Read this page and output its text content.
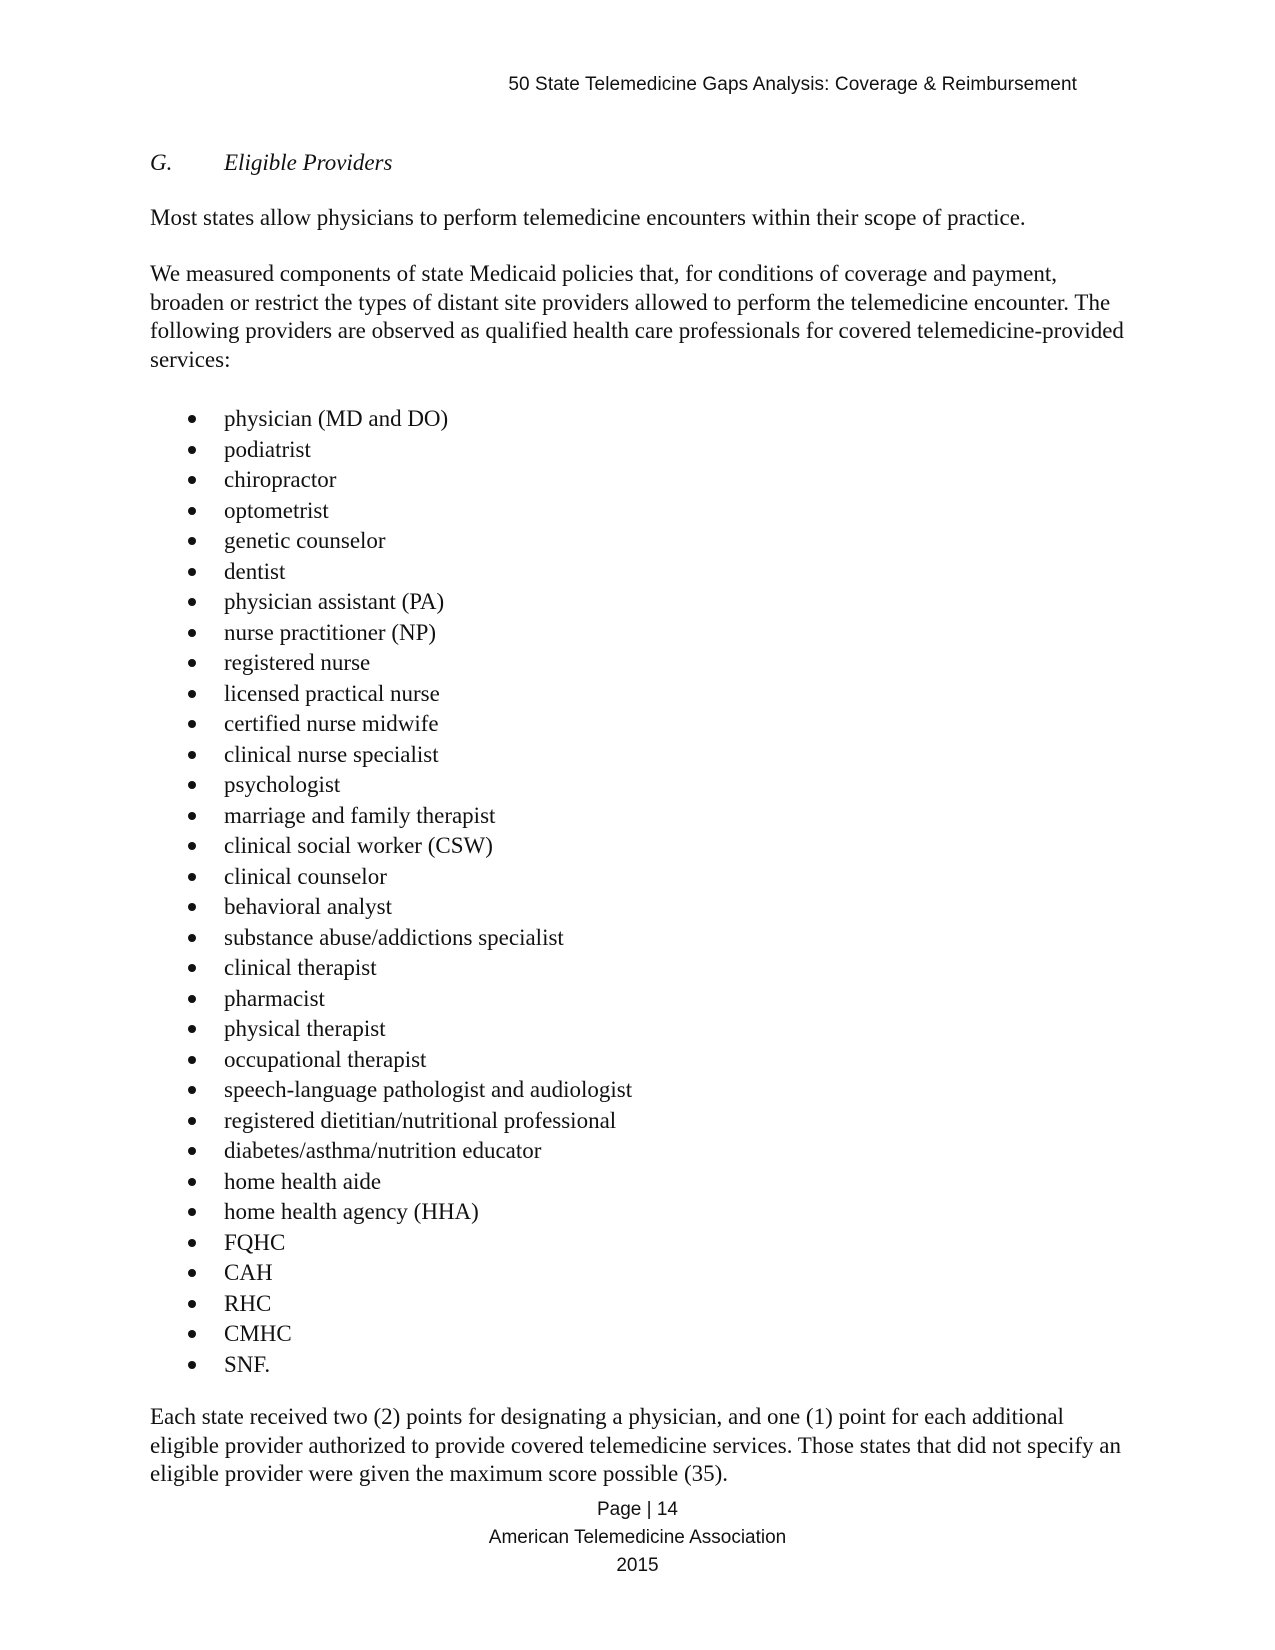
50 State Telemedicine Gaps Analysis: Coverage & Reimbursement
G. Eligible Providers

Most states allow physicians to perform telemedicine encounters within their scope of practice.

We measured components of state Medicaid policies that, for conditions of coverage and payment, broaden or restrict the types of distant site providers allowed to perform the telemedicine encounter. The following providers are observed as qualified health care professionals for covered telemedicine-provided services:

physician (MD and DO)
podiatrist
chiropractor
optometrist
genetic counselor
dentist
physician assistant (PA)
nurse practitioner (NP)
registered nurse
licensed practical nurse
certified nurse midwife
clinical nurse specialist
psychologist
marriage and family therapist
clinical social worker (CSW)
clinical counselor
behavioral analyst
substance abuse/addictions specialist
clinical therapist
pharmacist
physical therapist
occupational therapist
speech-language pathologist and audiologist
registered dietitian/nutritional professional
diabetes/asthma/nutrition educator
home health aide
home health agency (HHA)
FQHC
CAH
RHC
CMHC
SNF.

Each state received two (2) points for designating a physician, and one (1) point for each additional eligible provider authorized to provide covered telemedicine services. Those states that did not specify an eligible provider were given the maximum score possible (35).

Page | 14
American Telemedicine Association
2015
